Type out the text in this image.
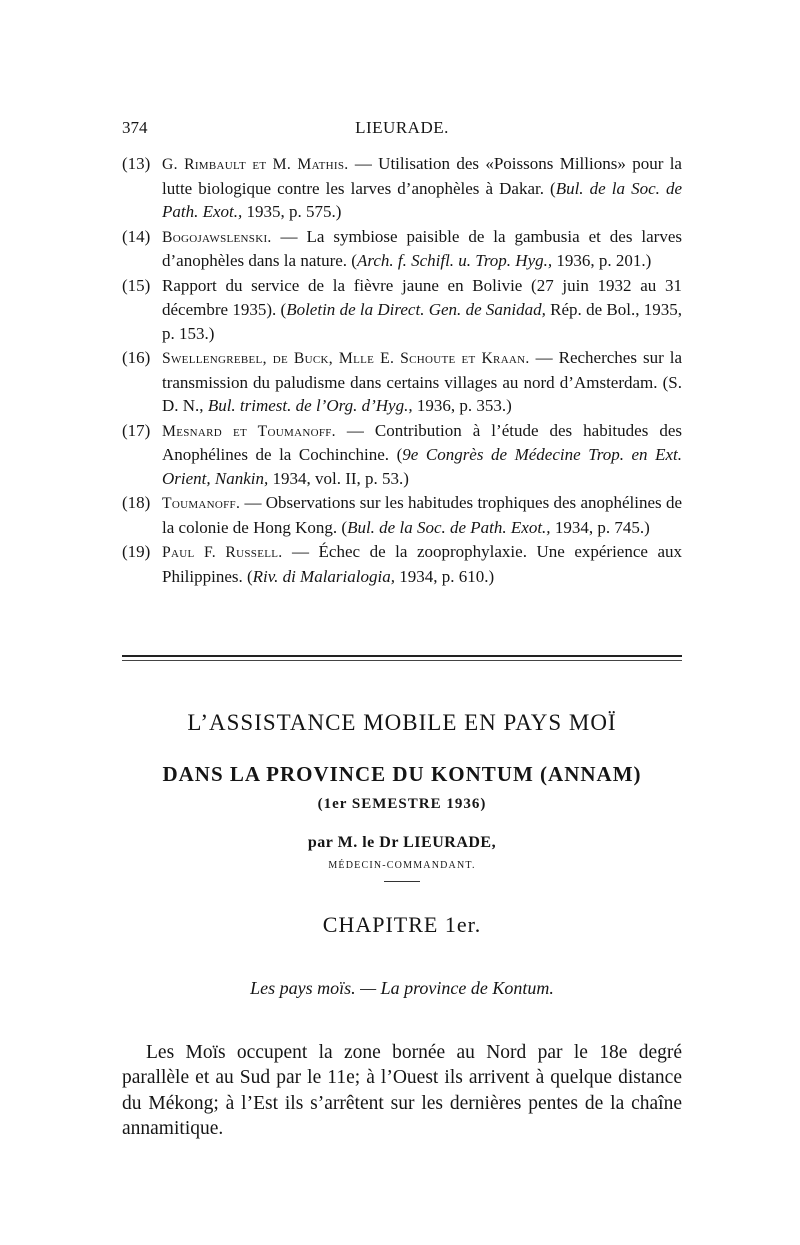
374	LIEURADE.
(13) G. Rimbault et M. Mathis. — Utilisation des «Poissons Millions» pour la lutte biologique contre les larves d’anophèles à Dakar. (Bul. de la Soc. de Path. Exot., 1935, p. 575.)
(14) Bogojawslenski. — La symbiose paisible de la gambusia et des larves d’anophèles dans la nature. (Arch. f. Schifl. u. Trop. Hyg., 1936, p. 201.)
(15) Rapport du service de la fièvre jaune en Bolivie (27 juin 1932 au 31 décembre 1935). (Boletin de la Direct. Gen. de Sanidad, Rép. de Bol., 1935, p. 153.)
(16) Swellengrebel, de Buck, Mlle E. Schoute et Kraan. — Recherches sur la transmission du paludisme dans certains villages au nord d’Amsterdam. (S. D. N., Bul. trimest. de l’Org. d’Hyg., 1936, p. 353.)
(17) Mesnard et Toumanoff. — Contribution à l’étude des habitudes des Anophélines de la Cochinchine. (9e Congrès de Médecine Trop. en Ext. Orient, Nankin, 1934, vol. II, p. 53.)
(18) Toumanoff. — Observations sur les habitudes trophiques des anophélines de la colonie de Hong Kong. (Bul. de la Soc. de Path. Exot., 1934, p. 745.)
(19) Paul F. Russell. — Échec de la zooprophylaxie. Une expérience aux Philippines. (Riv. di Malarialogia, 1934, p. 610.)
L’ASSISTANCE MOBILE EN PAYS MOÏ
DANS LA PROVINCE DU KONTUM (ANNAM)
(1er SEMESTRE 1936)
par M. le Dr LIEURADE,
MÉDECIN-COMMANDANT.
CHAPITRE 1er.
Les pays moïs. — La province de Kontum.

Les Moïs occupent la zone bornée au Nord par le 18e degré parallèle et au Sud par le 11e; à l’Ouest ils arrivent à quelque distance du Mékong; à l’Est ils s’arrêtent sur les dernières pentes de la chaîne annamitique.
